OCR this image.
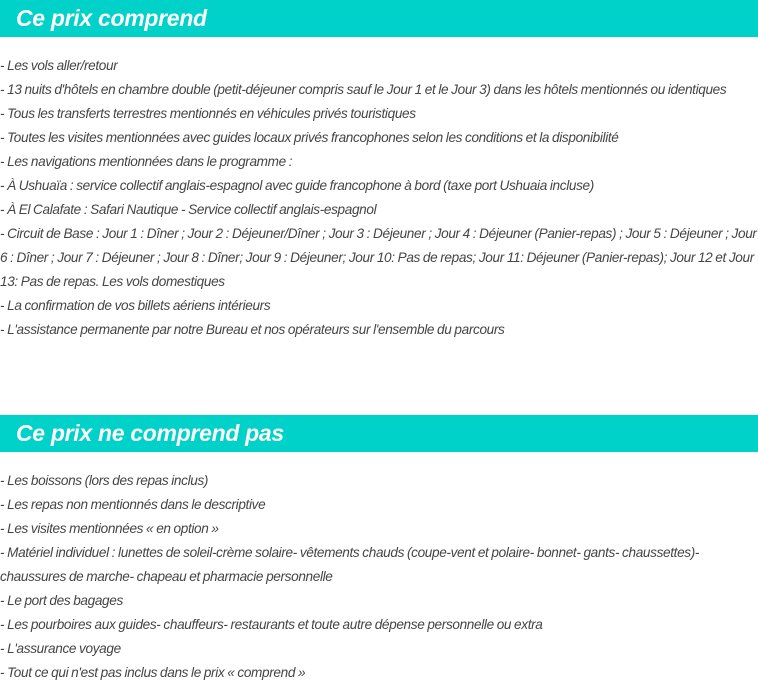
Ce prix comprend
- Les vols aller/retour
- 13 nuits d'hôtels en chambre double (petit-déjeuner compris sauf le Jour 1 et le Jour 3) dans les hôtels mentionnés ou identiques
- Tous les transferts terrestres mentionnés en véhicules privés touristiques
- Toutes les visites mentionnées avec guides locaux privés francophones selon les conditions et la disponibilité
- Les navigations mentionnées dans le programme :
- À Ushuaïa : service collectif anglais-espagnol avec guide francophone à bord (taxe port Ushuaia incluse)
- À El Calafate : Safari Nautique - Service collectif anglais-espagnol
- Circuit de Base : Jour 1 : Dîner ; Jour 2 : Déjeuner/Dîner ; Jour 3 : Déjeuner ; Jour 4 : Déjeuner (Panier-repas) ; Jour 5 : Déjeuner ; Jour 6 : Dîner ; Jour 7 : Déjeuner ; Jour 8 : Dîner; Jour 9 : Déjeuner; Jour 10: Pas de repas; Jour 11: Déjeuner (Panier-repas); Jour 12 et Jour 13: Pas de repas. Les vols domestiques
- La confirmation de vos billets aériens intérieurs
- L'assistance permanente par notre Bureau et nos opérateurs sur l'ensemble du parcours
Ce prix ne comprend pas
- Les boissons (lors des repas inclus)
- Les repas non mentionnés dans le descriptive
- Les visites mentionnées « en option »
- Matériel individuel : lunettes de soleil-crème solaire- vêtements chauds (coupe-vent et polaire- bonnet- gants- chaussettes)-chaussures de marche- chapeau et pharmacie personnelle
- Le port des bagages
- Les pourboires aux guides- chauffeurs- restaurants et toute autre dépense personnelle ou extra
- L'assurance voyage
- Tout ce qui n'est pas inclus dans le prix « comprend »
